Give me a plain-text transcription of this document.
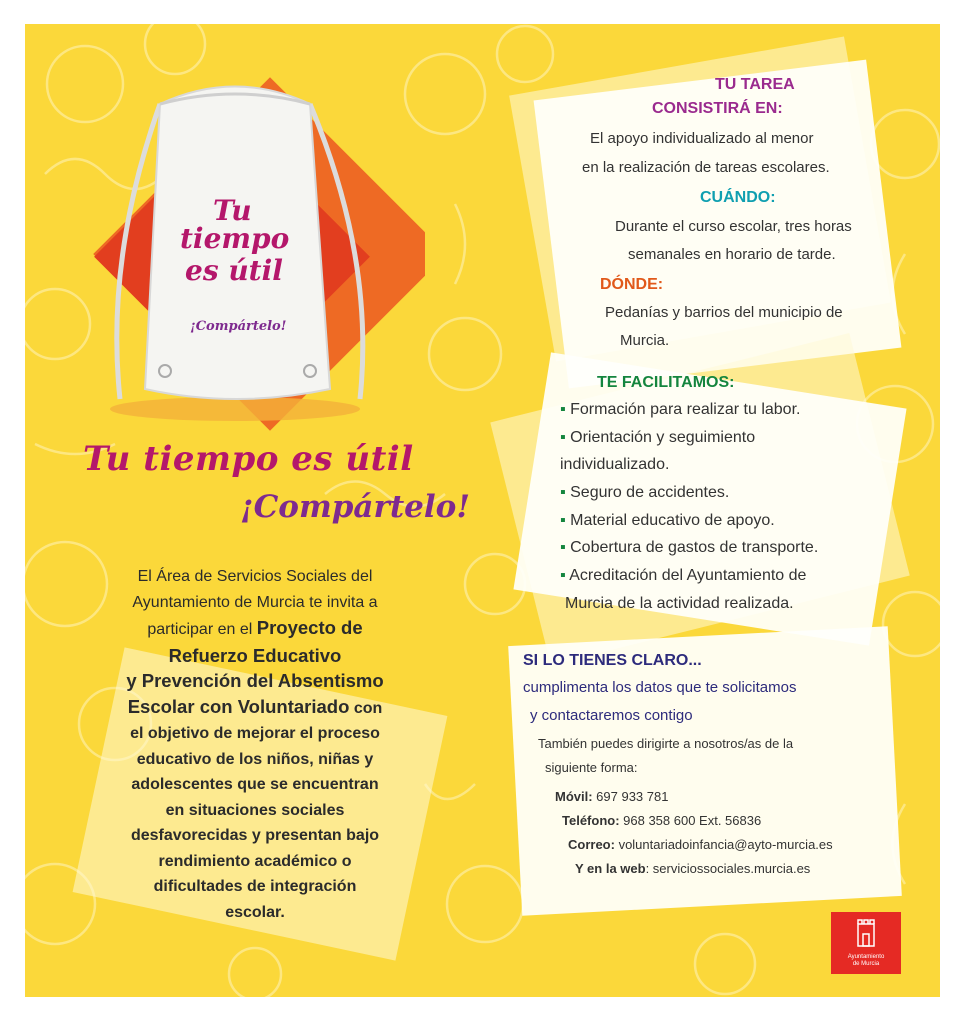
Tu
tiempo
es útil
¡Compártelo!
Tu tiempo es útil
¡Compártelo!
El Área de Servicios Sociales del
Ayuntamiento de Murcia te invita a
participar en el Proyecto de
Refuerzo Educativo
y Prevención del Absentismo
Escolar con Voluntariado con
el objetivo de mejorar el proceso
educativo de los niños, niñas y
adolescentes que se encuentran
en situaciones sociales
desfavorecidas y presentan bajo
rendimiento académico o
dificultades de integración
escolar.
TU TAREA
CONSISTIRÁ EN:
El apoyo individualizado al menor
en la realización de tareas escolares.
CUÁNDO:
Durante el curso escolar, tres horas
semanales en horario de tarde.
DÓNDE:
Pedanías y barrios del municipio de
Murcia.
TE FACILITAMOS:
▪ Formación para realizar tu labor.
▪ Orientación y seguimiento
individualizado.
▪ Seguro de accidentes.
▪ Material educativo de apoyo.
▪ Cobertura de gastos de transporte.
▪ Acreditación del Ayuntamiento de
Murcia de la actividad realizada.
SI LO TIENES CLARO...
cumplimenta los datos que te solicitamos
y contactaremos contigo
También puedes dirigirte a nosotros/as de la
siguiente forma:
Móvil: 697 933 781
Teléfono: 968 358 600 Ext. 56836
Correo: voluntariadoinfancia@ayto-murcia.es
Y en la web: serviciossociales.murcia.es
Ayuntamiento
de Murcia
